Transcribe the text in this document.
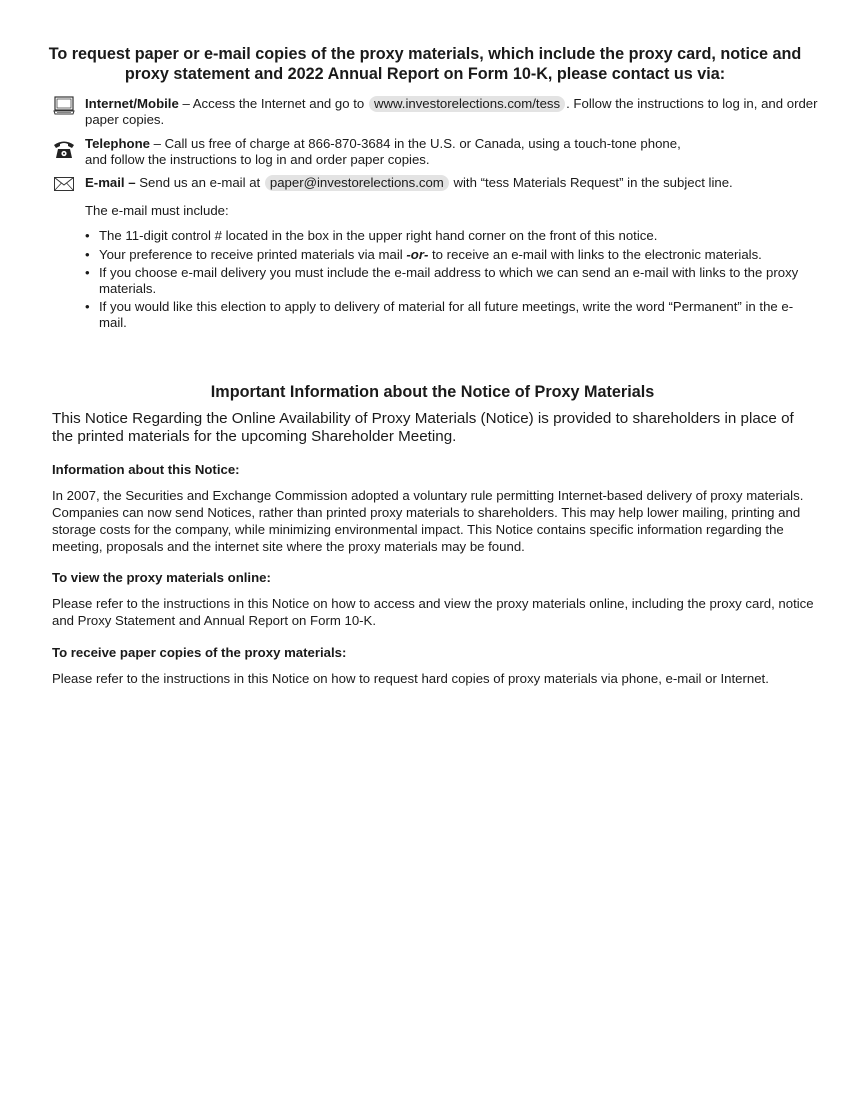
To request paper or e-mail copies of the proxy materials, which include the proxy card, notice and proxy statement and 2022 Annual Report on Form 10-K, please contact us via:
Internet/Mobile – Access the Internet and go to www.investorelections.com/tess . Follow the instructions to log in, and order paper copies.
Telephone – Call us free of charge at 866-870-3684 in the U.S. or Canada, using a touch-tone phone,
and follow the instructions to log in and order paper copies.
E-mail – Send us an e-mail at paper@investorelections.com with “tess Materials Request” in the subject line.
The e-mail must include:
• The 11-digit control # located in the box in the upper right hand corner on the front of this notice.
• Your preference to receive printed materials via mail -or- to receive an e-mail with links to the electronic materials.
• If you choose e-mail delivery you must include the e-mail address to which we can send an e-mail with links to the proxy materials.
• If you would like this election to apply to delivery of material for all future meetings, write the word “Permanent” in the e-mail.
Important Information about the Notice of Proxy Materials
This Notice Regarding the Online Availability of Proxy Materials (Notice) is provided to shareholders in place of the printed materials for the upcoming Shareholder Meeting.
Information about this Notice:
In 2007, the Securities and Exchange Commission adopted a voluntary rule permitting Internet-based delivery of proxy materials. Companies can now send Notices, rather than printed proxy materials to shareholders. This may help lower mailing, printing and storage costs for the company, while minimizing environmental impact. This Notice contains specific information regarding the meeting, proposals and the internet site where the proxy materials may be found.
To view the proxy materials online:
Please refer to the instructions in this Notice on how to access and view the proxy materials online, including the proxy card, notice and Proxy Statement and Annual Report on Form 10-K.
To receive paper copies of the proxy materials:
Please refer to the instructions in this Notice on how to request hard copies of proxy materials via phone, e-mail or Internet.
